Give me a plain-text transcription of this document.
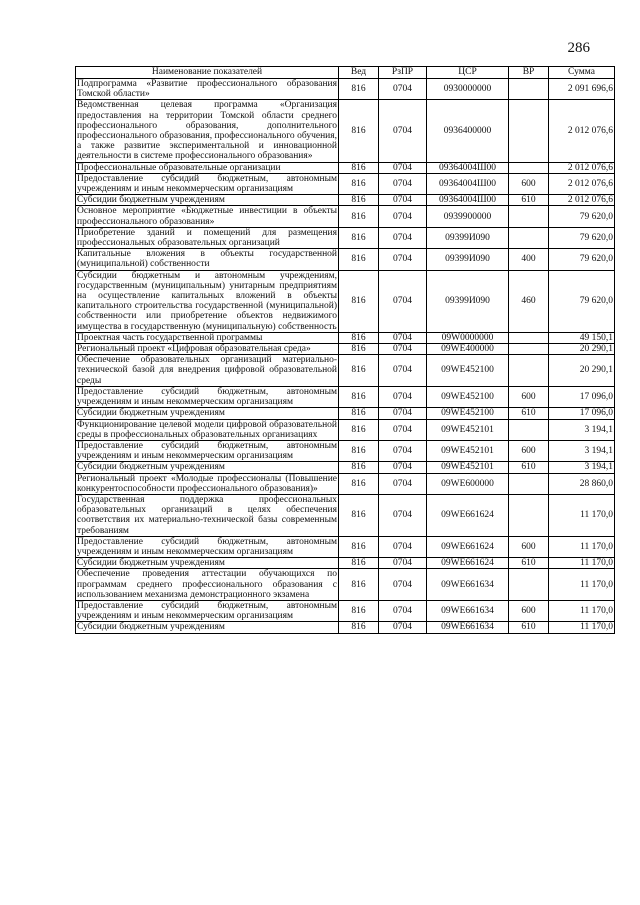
286
Наименование показателей	Вед	РзПР	ЦСР	ВР	Сумма
Подпрограмма «Развитие профессионального образования Томской области»	816	0704	0930000000		2 091 696,6
Ведомственная целевая программа «Организация предоставления на территории Томской области среднего профессионального образования, дополнительного профессионального образования, профессионального обучения, а также развитие экспериментальной и инновационной деятельности в системе профессионального образования»	816	0704	0936400000		2 012 076,6
Профессиональные образовательные организации	816	0704	09364004Ш00		2 012 076,6
Предоставление субсидий бюджетным, автономным учреждениям и иным некоммерческим организациям	816	0704	09364004Ш00	600	2 012 076,6
Субсидии бюджетным учреждениям	816	0704	09364004Ш00	610	2 012 076,6
Основное мероприятие «Бюджетные инвестиции в объекты профессионального образования»	816	0704	0939900000		79 620,0
Приобретение зданий и помещений для размещения профессиональных образовательных организаций	816	0704	09399И090		79 620,0
Капитальные вложения в объекты государственной (муниципальной) собственности	816	0704	09399И090	400	79 620,0
Субсидии бюджетным и автономным учреждениям, государственным (муниципальным) унитарным предприятиям на осуществление капитальных вложений в объекты капитального строительства государственной (муниципальной) собственности или приобретение объектов недвижимого имущества в государственную (муниципальную) собственность	816	0704	09399И090	460	79 620,0
Проектная часть государственной программы	816	0704	09W0000000		49 150,1
Региональный проект «Цифровая образовательная среда»	816	0704	09WE400000		20 290,1
Обеспечение образовательных организаций материально-технической базой для внедрения цифровой образовательной среды	816	0704	09WE452100		20 290,1
Предоставление субсидий бюджетным, автономным учреждениям и иным некоммерческим организациям	816	0704	09WE452100	600	17 096,0
Субсидии бюджетным учреждениям	816	0704	09WE452100	610	17 096,0
Функционирование целевой модели цифровой образовательной среды в профессиональных образовательных организациях	816	0704	09WE452101		3 194,1
Предоставление субсидий бюджетным, автономным учреждениям и иным некоммерческим организациям	816	0704	09WE452101	600	3 194,1
Субсидии бюджетным учреждениям	816	0704	09WE452101	610	3 194,1
Региональный проект «Молодые профессионалы (Повышение конкурентоспособности профессионального образования)»	816	0704	09WE600000		28 860,0
Государственная поддержка профессиональных образовательных организаций в целях обеспечения соответствия их материально-технической базы современным требованиям	816	0704	09WE661624		11 170,0
Предоставление субсидий бюджетным, автономным учреждениям и иным некоммерческим организациям	816	0704	09WE661624	600	11 170,0
Субсидии бюджетным учреждениям	816	0704	09WE661624	610	11 170,0
Обеспечение проведения аттестации обучающихся по программам среднего профессионального образования с использованием механизма демонстрационного экзамена	816	0704	09WE661634		11 170,0
Предоставление субсидий бюджетным, автономным учреждениям и иным некоммерческим организациям	816	0704	09WE661634	600	11 170,0
Субсидии бюджетным учреждениям	816	0704	09WE661634	610	11 170,0
